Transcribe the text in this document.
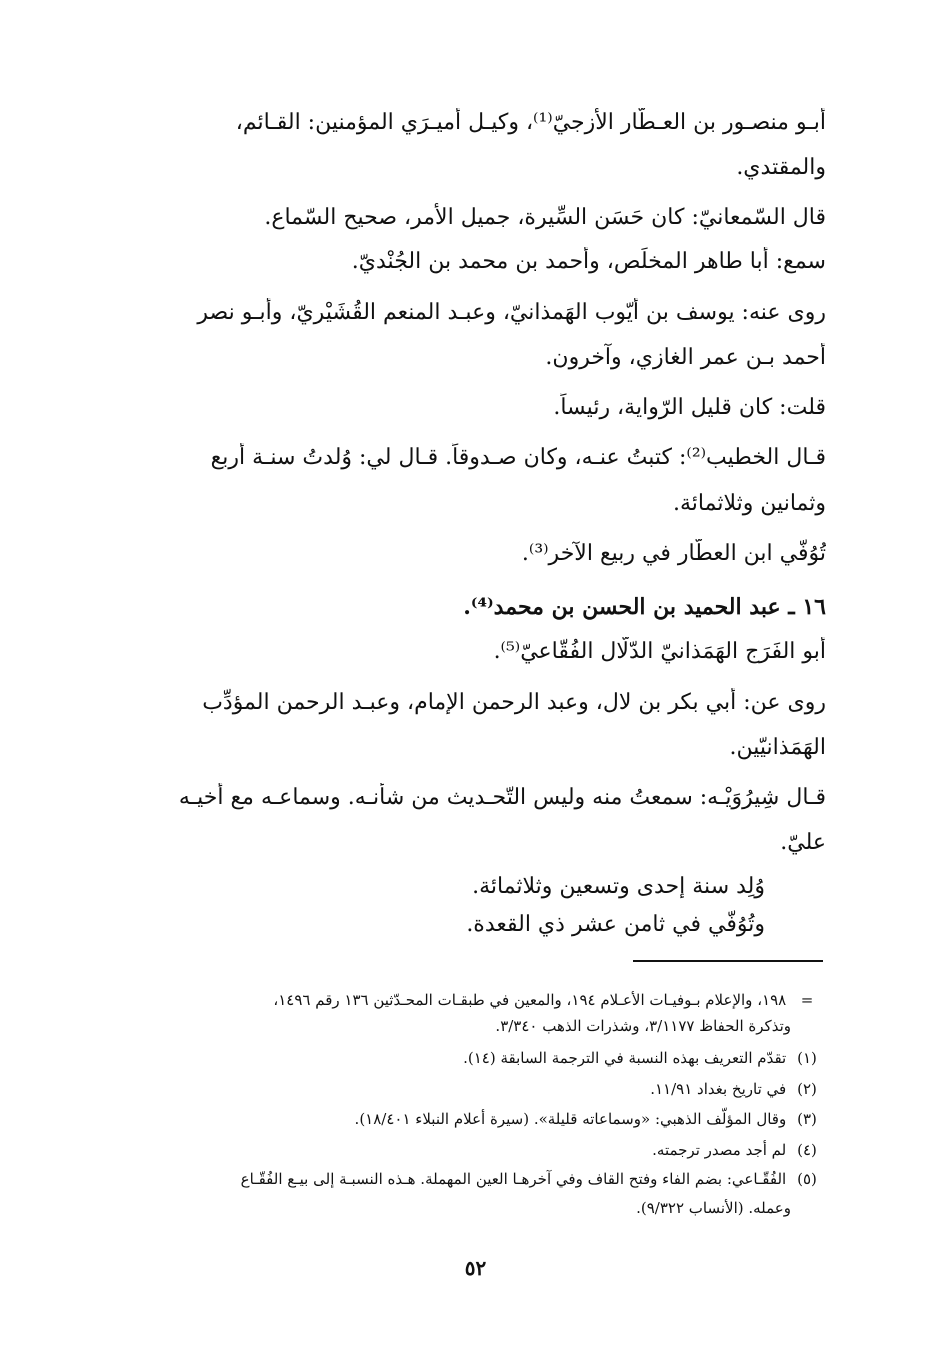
أبـو منصـور بن العـطّار الأزجيّ⁽¹⁾، وكيـل أميـرَي المؤمنين: القـائم،
والمقتدي.
قال السّمعانيّ: كان حَسَن السِّيرة، جميل الأمر، صحيح السّماع.
سمع: أبا طاهر المخلِّص، وأحمد بن محمد بن الجُنْديّ.
روى عنه: يوسف بن أيّوب الهَمذانيّ، وعبـد المنعم القُشَيْريّ، وأبـو نصر
أحمد بـن عمر الغازي، وآخرون.
قلت: كان قليل الرّواية، رئيساً.
قـال الخطيب⁽²⁾: كتبتُ عنـه، وكان صـدوقاً. قـال لي: وُلدتُ سنـة أربع
وثمانين وثلاثمائة.
تُوُفّي ابن العطّار في ربيع الآخر⁽³⁾.
١٦ ـ عبد الحميد بن الحسن بن محمد⁽⁴⁾.
أبو الفَرَج الهَمَذانيّ الدّلّال الفُقّاعيّ⁽⁵⁾.
روى عن: أبي بكر بن لال، وعبد الرحمن الإمام، وعبـد الرحمن المؤدِّب
الهَمَذانيّين.
قـال شِيرُوَيْـه: سمعتُ منه وليس التّحـديث من شأنـه. وسماعـه مع أخيـه
عليّ.
وُلِد سنة إحدى وتسعين وثلاثمائة.
وتُوُفّي في ثامن عشر ذي القعدة.
= ١٩٨، والإعلام بـوفيـات الأعـلام ١٩٤، والمعين في طبقـات المحـدّثين ١٣٦ رقم ١٤٩٦،
وتذكرة الحفاظ ٣/١١٧٧، وشذرات الذهب ٣/٣٤٠.
(١) تقدّم التعريف بهذه النسبة في الترجمة السابقة (١٤).
(٢) في تاريخ بغداد ١١/٩١.
(٣) وقال المؤلّف الذهبي: «وسماعاته قليلة». (سيرة أعلام النبلاء ١٨/٤٠١).
(٤) لم أجد مصدر ترجمته.
(٥) الفُقّـاعي: بضم الفاء وفتح القاف وفي آخرهـا العين المهملة. هـذه النسبـة إلى بيـع الفُقّـاع
وعمله. (الأنساب ٩/٣٢٢).
٥٢
